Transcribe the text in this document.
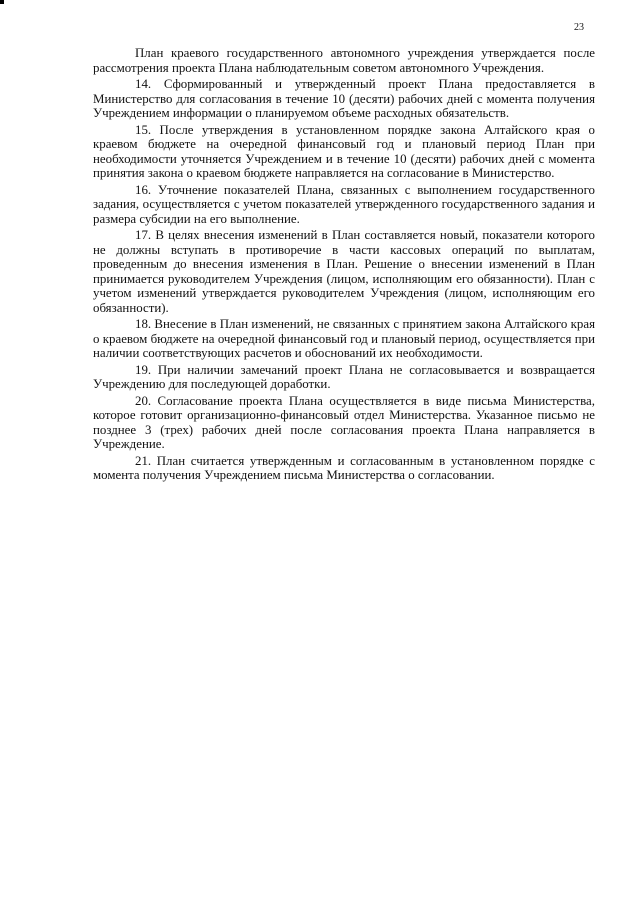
23

План краевого государственного автономного учреждения утверждается после рассмотрения проекта Плана наблюдательным советом автономного Учреждения.

14. Сформированный и утвержденный проект Плана предоставляется в Министерство для согласования в течение 10 (десяти) рабочих дней с момента получения Учреждением информации о планируемом объеме расходных обязательств.

15. После утверждения в установленном порядке закона Алтайского края о краевом бюджете на очередной финансовый год и плановый период План при необходимости уточняется Учреждением и в течение 10 (десяти) рабочих дней с момента принятия закона о краевом бюджете направляется на согласование в Министерство.

16. Уточнение показателей Плана, связанных с выполнением государственного задания, осуществляется с учетом показателей утвержденного государственного задания и размера субсидии на его выполнение.

17. В целях внесения изменений в План составляется новый, показатели которого не должны вступать в противоречие в части кассовых операций по выплатам, проведенным до внесения изменения в План. Решение о внесении изменений в План принимается руководителем Учреждения (лицом, исполняющим его обязанности). План с учетом изменений утверждается руководителем Учреждения (лицом, исполняющим его обязанности).

18. Внесение в План изменений, не связанных с принятием закона Алтайского края о краевом бюджете на очередной финансовый год и плановый период, осуществляется при наличии соответствующих расчетов и обоснований их необходимости.

19. При наличии замечаний проект Плана не согласовывается и возвращается Учреждению для последующей доработки.

20. Согласование проекта Плана осуществляется в виде письма Министерства, которое готовит организационно-финансовый отдел Министерства. Указанное письмо не позднее 3 (трех) рабочих дней после согласования проекта Плана направляется в Учреждение.

21. План считается утвержденным и согласованным в установленном порядке с момента получения Учреждением письма Министерства о согласовании.
